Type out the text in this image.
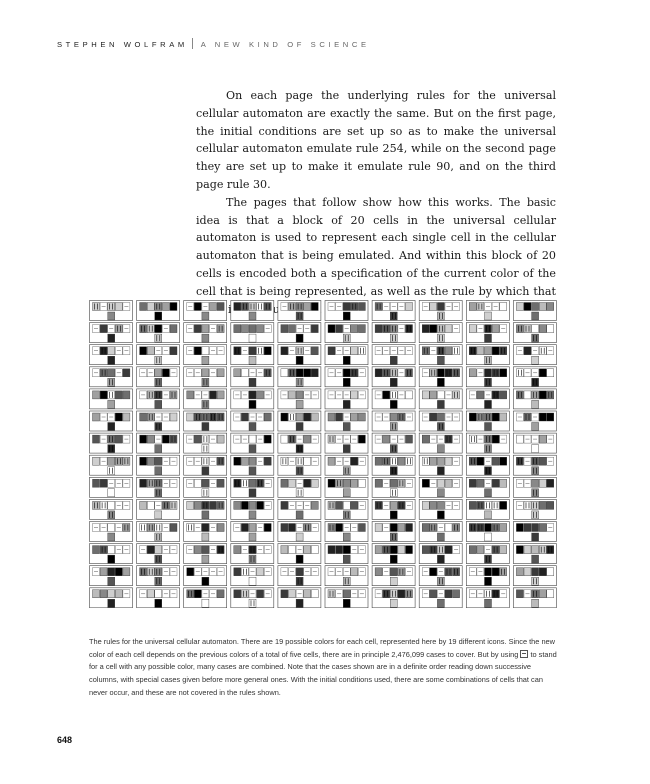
STEPHEN WOLFRAM A NEW KIND OF SCIENCE

On each page the underlying rules for the universal cellular automaton are exactly the same. But on the first page, the initial conditions are set up so as to make the universal cellular automaton emulate rule 254, while on the second page they are set up to make it emulate rule 90, and on the third page rule 30.

The pages that follow show how this works. The basic idea is that a block of 20 cells in the universal cellular automaton is used to represent each single cell in the cellular automaton that is being emulated. And within this block of 20 cells is encoded both a specification of the current color of the cell that is being represented, as well as the rule by which that

The rules for the universal cellular automaton. There are 19 possible colors for each cell, represented here by 19 different icons. Since the new color of each cell depends on the previous colors of a total of five cells, there are in principle 2,476,099 cases to cover. But by using to stand for a cell with any possible color, many cases are combined. Note that the cases shown are in a definite order reading down successive columns, with special cases given before more general ones. With the initial conditions used, there are some combinations of cells that can never occur, and these are not covered in the rules shown.
648
